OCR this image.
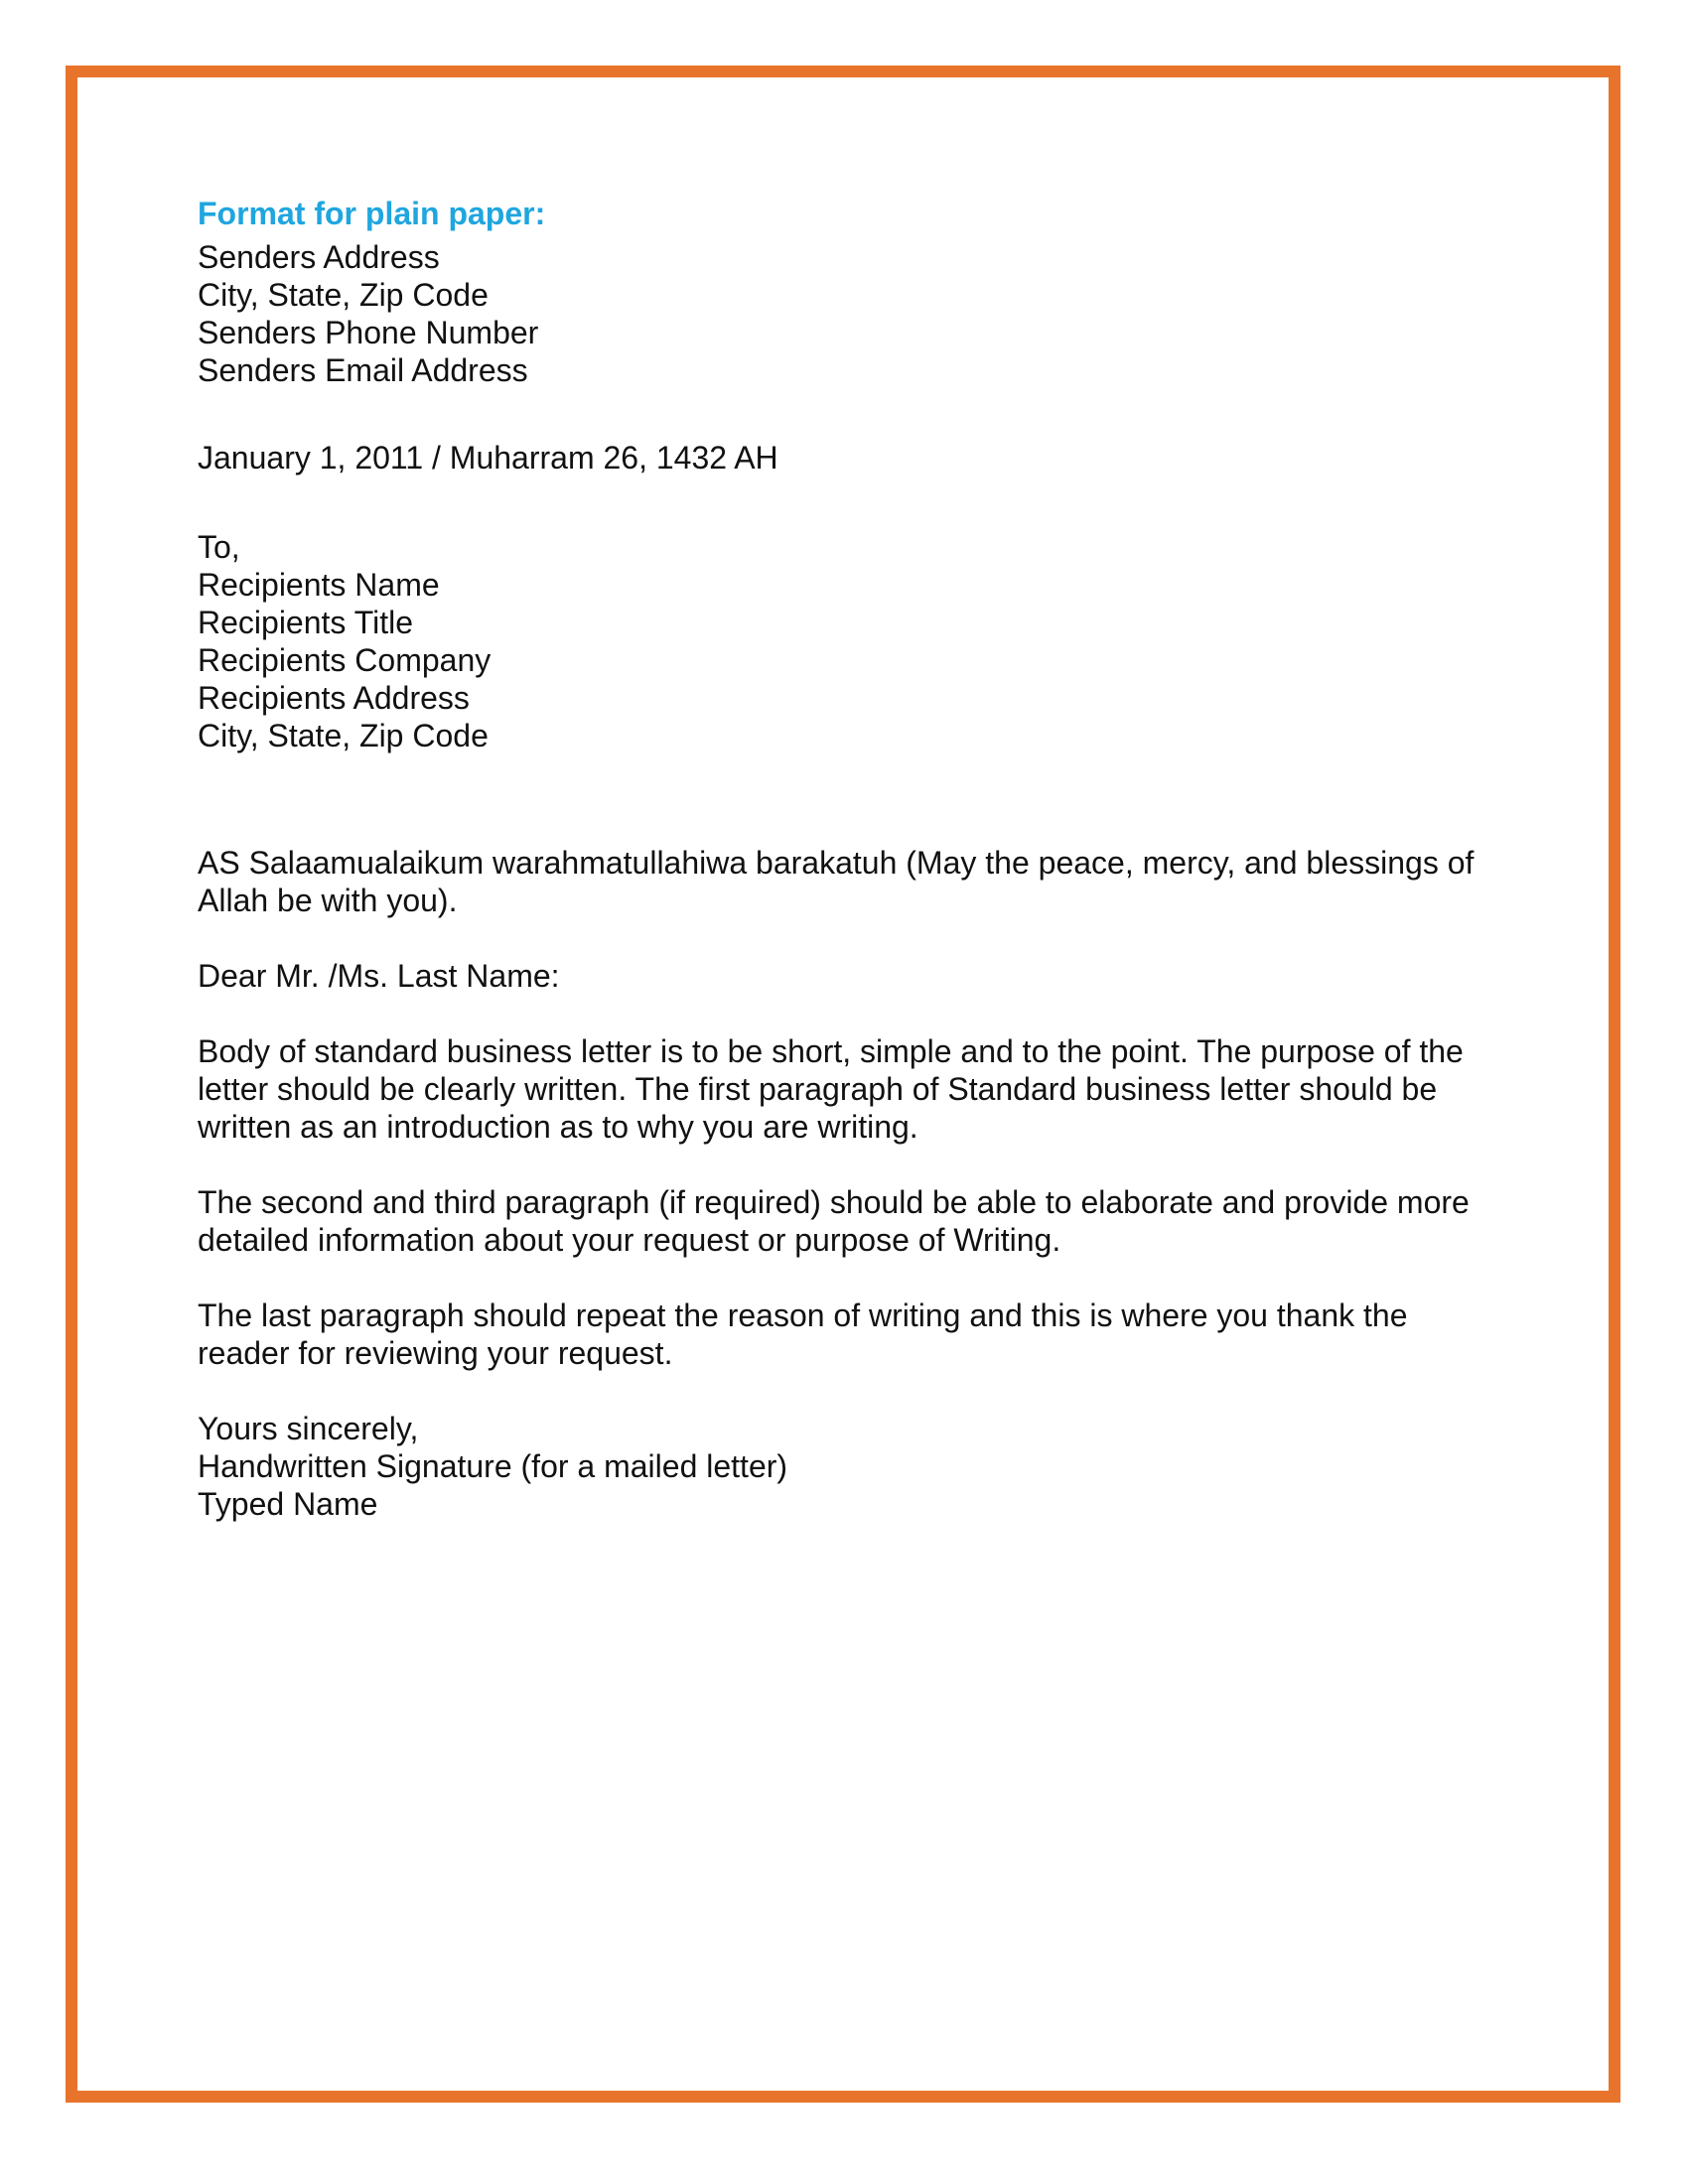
Format for plain paper:
Senders Address
City, State, Zip Code
Senders Phone Number
Senders Email Address
January 1, 2011 / Muharram 26, 1432 AH
To,
Recipients Name
Recipients Title
Recipients Company
Recipients Address
City, State, Zip Code
AS Salaamualaikum warahmatullahiwa barakatuh (May the peace, mercy, and blessings of Allah be with you).
Dear Mr. /Ms. Last Name:
Body of standard business letter is to be short, simple and to the point. The purpose of the letter should be clearly written. The first paragraph of Standard business letter should be written as an introduction as to why you are writing.
The second and third paragraph (if required) should be able to elaborate and provide more detailed information about your request or purpose of Writing.
The last paragraph should repeat the reason of writing and this is where you thank the reader for reviewing your request.
Yours sincerely,
Handwritten Signature (for a mailed letter)
Typed Name
